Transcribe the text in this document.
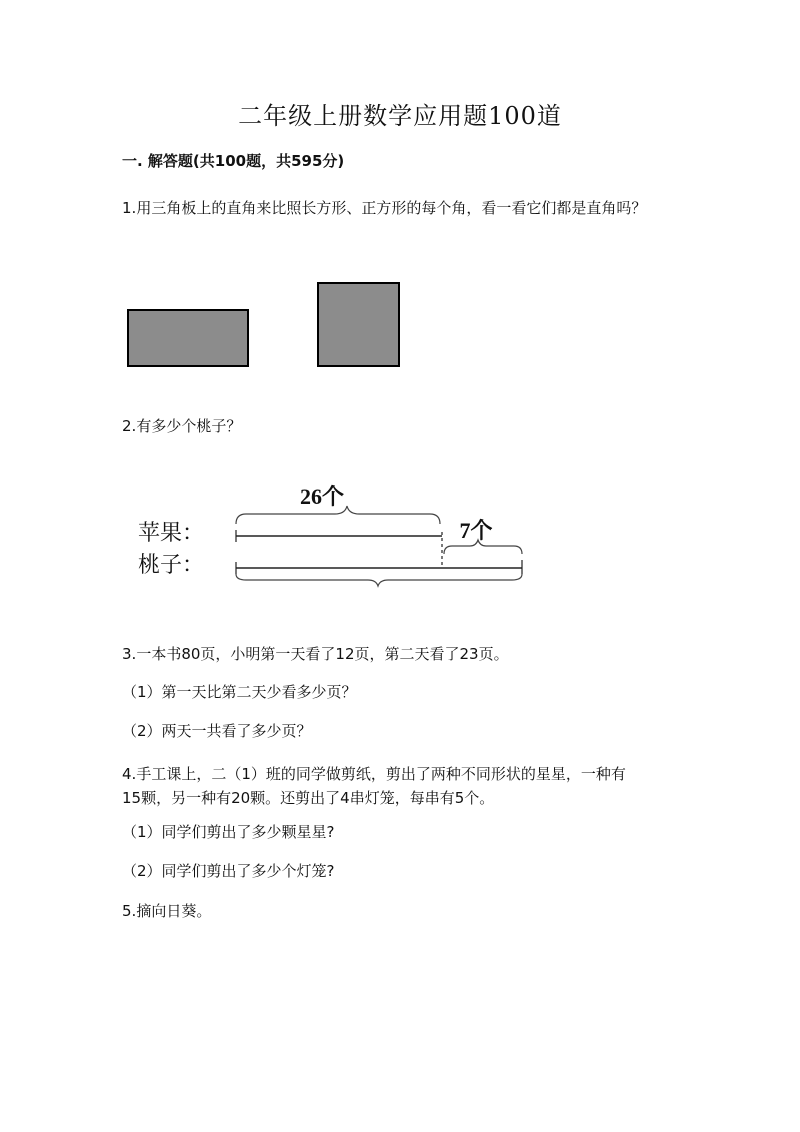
二年级上册数学应用题100道
一. 解答题(共100题，共595分)
1.用三角板上的直角来比照长方形、正方形的每个角，看一看它们都是直角吗？
2.有多少个桃子？
26个
苹果：
桃子：
7个
3.一本书80页，小明第一天看了12页，第二天看了23页。
（1）第一天比第二天少看多少页？
（2）两天一共看了多少页？
4.手工课上，二（1）班的同学做剪纸，剪出了两种不同形状的星星，一种有
15颗，另一种有20颗。还剪出了4串灯笼，每串有5个。
（1）同学们剪出了多少颗星星?
（2）同学们剪出了多少个灯笼?
5.摘向日葵。
